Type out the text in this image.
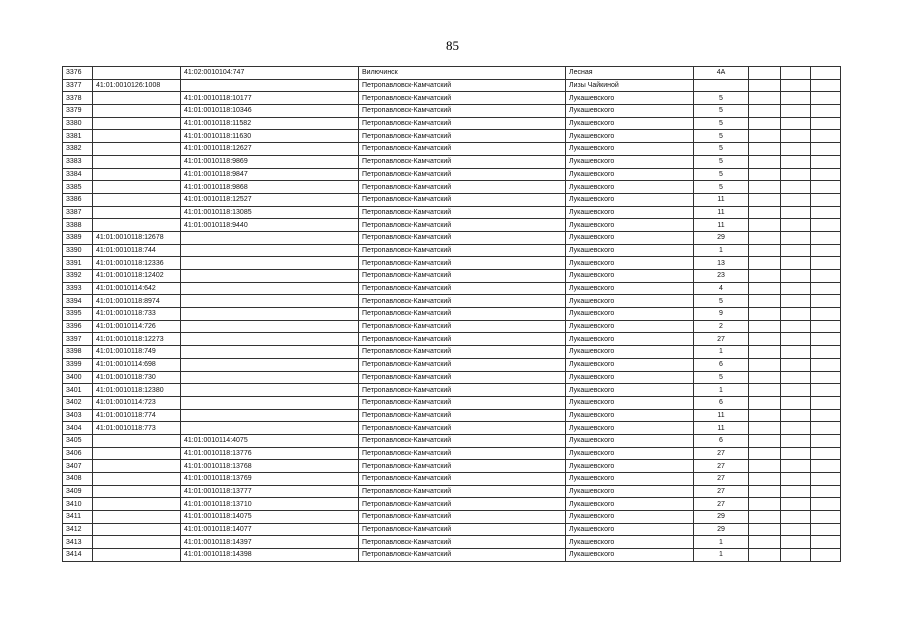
85
3376		41:02:0010104:747	Вилючинск	Лесная	4А			
3377	41:01:0010126:1008		Петропавловск-Камчатский	Лизы Чайкиной				
3378		41:01:0010118:10177	Петропавловск-Камчатский	Лукашевского	5			
3379		41:01:0010118:10346	Петропавловск-Камчатский	Лукашевского	5			
3380		41:01:0010118:11582	Петропавловск-Камчатский	Лукашевского	5			
3381		41:01:0010118:11630	Петропавловск-Камчатский	Лукашевского	5			
3382		41:01:0010118:12627	Петропавловск-Камчатский	Лукашевского	5			
3383		41:01:0010118:9869	Петропавловск-Камчатский	Лукашевского	5			
3384		41:01:0010118:9847	Петропавловск-Камчатский	Лукашевского	5			
3385		41:01:0010118:9868	Петропавловск-Камчатский	Лукашевского	5			
3386		41:01:0010118:12527	Петропавловск-Камчатский	Лукашевского	11			
3387		41:01:0010118:13085	Петропавловск-Камчатский	Лукашевского	11			
3388		41:01:0010118:9440	Петропавловск-Камчатский	Лукашевского	11			
3389	41:01:0010118:12678		Петропавловск-Камчатский	Лукашевского	29			
3390	41:01:0010118:744		Петропавловск-Камчатский	Лукашевского	1			
3391	41:01:0010118:12336		Петропавловск-Камчатский	Лукашевского	13			
3392	41:01:0010118:12402		Петропавловск-Камчатский	Лукашевского	23			
3393	41:01:0010114:642		Петропавловск-Камчатский	Лукашевского	4			
3394	41:01:0010118:8974		Петропавловск-Камчатский	Лукашевского	5			
3395	41:01:0010118:733		Петропавловск-Камчатский	Лукашевского	9			
3396	41:01:0010114:726		Петропавловск-Камчатский	Лукашевского	2			
3397	41:01:0010118:12273		Петропавловск-Камчатский	Лукашевского	27			
3398	41:01:0010118:749		Петропавловск-Камчатский	Лукашевского	1			
3399	41:01:0010114:698		Петропавловск-Камчатский	Лукашевского	6			
3400	41:01:0010118:730		Петропавловск-Камчатский	Лукашевского	5			
3401	41:01:0010118:12380		Петропавловск-Камчатский	Лукашевского	1			
3402	41:01:0010114:723		Петропавловск-Камчатский	Лукашевского	6			
3403	41:01:0010118:774		Петропавловск-Камчатский	Лукашевского	11			
3404	41:01:0010118:773		Петропавловск-Камчатский	Лукашевского	11			
3405		41:01:0010114:4075	Петропавловск-Камчатский	Лукашевского	6			
3406		41:01:0010118:13776	Петропавловск-Камчатский	Лукашевского	27			
3407		41:01:0010118:13768	Петропавловск-Камчатский	Лукашевского	27			
3408		41:01:0010118:13769	Петропавловск-Камчатский	Лукашевского	27			
3409		41:01:0010118:13777	Петропавловск-Камчатский	Лукашевского	27			
3410		41:01:0010118:13710	Петропавловск-Камчатский	Лукашевского	27			
3411		41:01:0010118:14075	Петропавловск-Камчатский	Лукашевского	29			
3412		41:01:0010118:14077	Петропавловск-Камчатский	Лукашевского	29			
3413		41:01:0010118:14397	Петропавловск-Камчатский	Лукашевского	1			
3414		41:01:0010118:14398	Петропавловск-Камчатский	Лукашевского	1			
